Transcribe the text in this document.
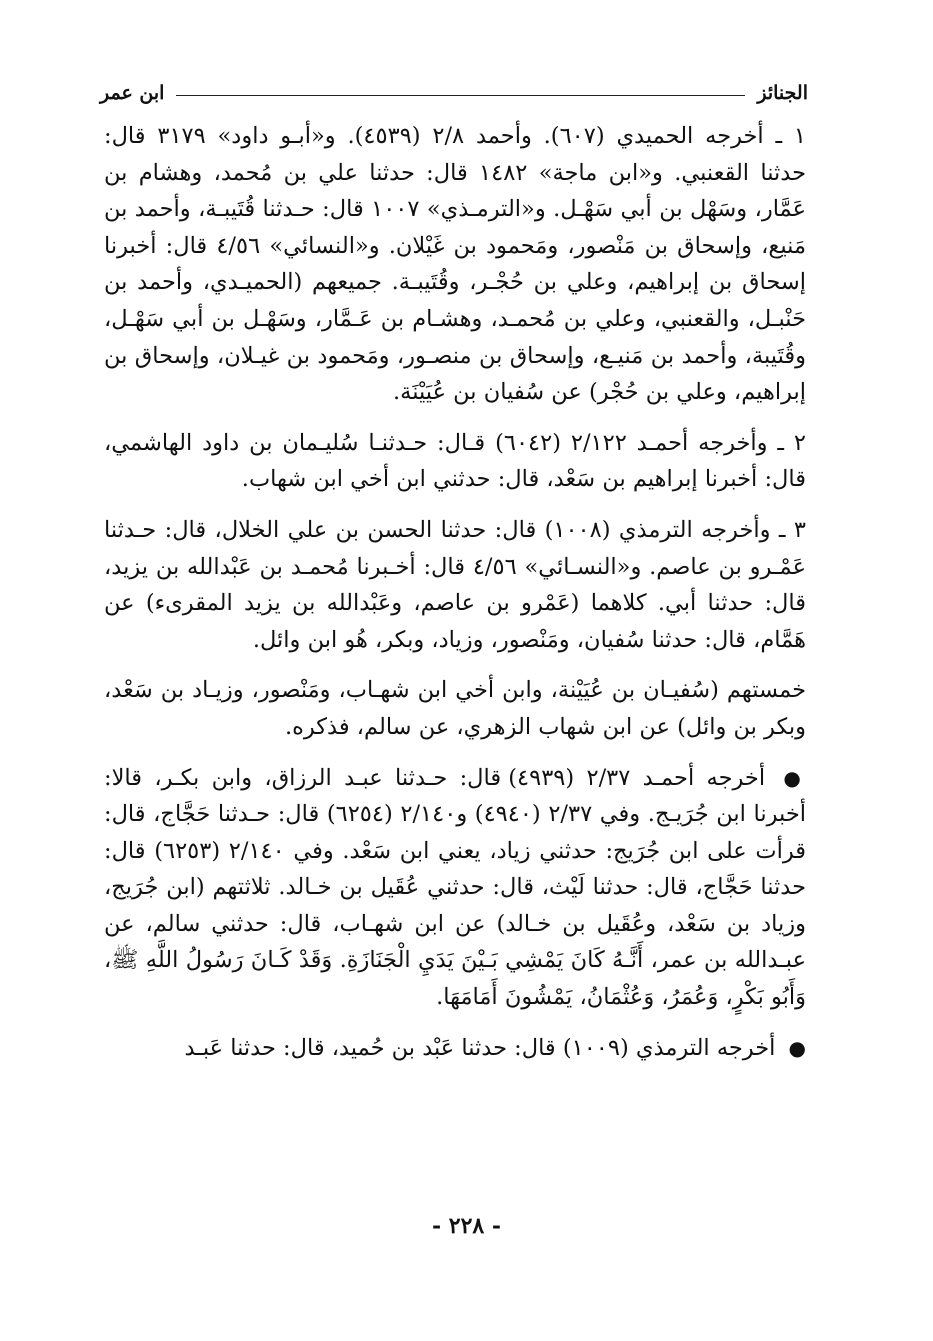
الجنائز
ابن عمر

١ ـ أخرجه الحميدي (٦٠٧). وأحمد ٢/٨ (٤٥٣٩). و«أبـو داود» ٣١٧٩ قال: حدثنا القعنبي. و«ابن ماجة» ١٤٨٢ قال: حدثنا علي بن مُحمد، وهشام بن عَمَّار، وسَهْل بن أبي سَهْـل. و«الترمـذي» ١٠٠٧ قال: حـدثنا قُتَيبـة، وأحمد بن مَنيع، وإسحاق بن مَنْصور، ومَحمود بن غَيْلان. و«النسائي» ٤/٥٦ قال: أخبرنا إسحاق بن إبراهيم، وعلي بن حُجْـر، وقُتَيبـة. جميعهم (الحميـدي، وأحمد بن حَنْبـل، والقعنبي، وعلي بن مُحمـد، وهشـام بن عَـمَّار، وسَهْـل بن أبي سَهْـل، وقُتَيبة، وأحمد بن مَنيـع، وإسحاق بن منصـور، ومَحمود بن غيـلان، وإسحاق بن إبراهيم، وعلي بن حُجْر) عن سُفيان بن عُيَيْنَة.

٢ ـ وأخرجه أحمـد ٢/١٢٢ (٦٠٤٢) قـال: حـدثنـا سُليـمان بن داود الهاشمي، قال: أخبرنا إبراهيم بن سَعْد، قال: حدثني ابن أخي ابن شهاب.

٣ ـ وأخرجه الترمذي (١٠٠٨) قال: حدثنا الحسن بن علي الخلال، قال: حـدثنا عَمْـرو بن عاصم. و«النسـائي» ٤/٥٦ قال: أخـبرنا مُحمـد بن عَبْدالله بن يزيد، قال: حدثنا أبي. كلاهما (عَمْرو بن عاصم، وعَبْدالله بن يزيد المقرىء) عن هَمَّام، قال: حدثنا سُفيان، ومَنْصور، وزياد، وبكر، هُو ابن وائل.

خمستهم (سُفيـان بن عُيَيْنة، وابن أخي ابن شهـاب، ومَنْصور، وزيـاد بن سَعْد، وبكر بن وائل) عن ابن شهاب الزهري، عن سالم، فذكره.

● أخرجه أحمـد ٢/٣٧ (٤٩٣٩) قال: حـدثنا عبـد الرزاق، وابن بكـر، قالا: أخبرنا ابن جُرَيـج. وفي ٢/٣٧ (٤٩٤٠) و٢/١٤٠ (٦٢٥٤) قال: حـدثنا حَجَّاج، قال: قرأت على ابن جُرَيج: حدثني زياد، يعني ابن سَعْد. وفي ٢/١٤٠ (٦٢٥٣) قال: حدثنا حَجَّاج، قال: حدثنا لَيْث، قال: حدثني عُقَيل بن خـالد. ثلاثتهم (ابن جُرَيج، وزياد بن سَعْد، وعُقَيل بن خـالد) عن ابن شهـاب، قال: حدثني سالم، عن عبـدالله بن عمر، أَنَّـهُ كَانَ يَمْشِي بَـيْنَ يَدَيِ الْجَنَازَةِ. وَقَدْ كَـانَ رَسُولُ اللَّهِ ﷺ، وَأَبُو بَكْرٍ، وَعُمَرُ، وَعُثْمَانُ، يَمْشُونَ أَمَامَهَا.

● أخرجه الترمذي (١٠٠٩) قال: حدثنا عَبْد بن حُميد، قال: حدثنا عَبـد

- ٢٢٨ -
